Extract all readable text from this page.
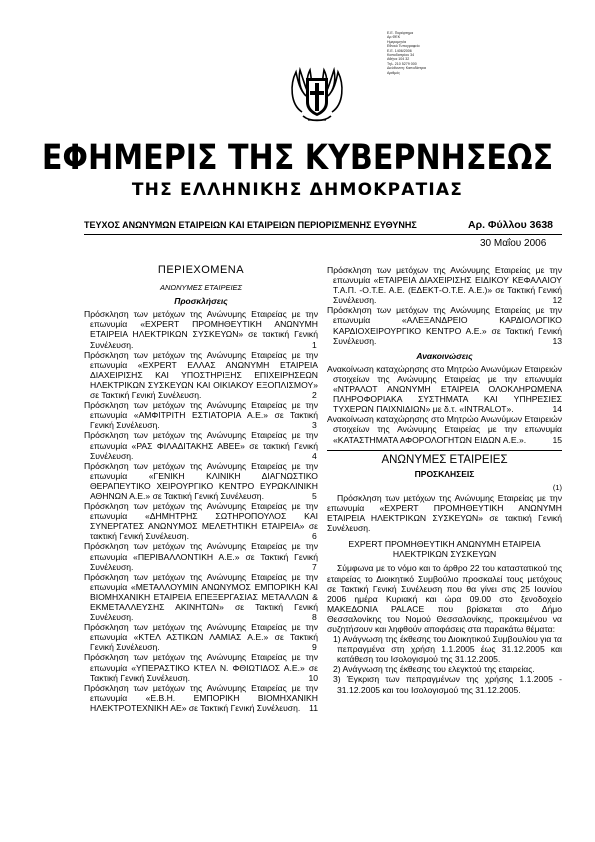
Ε.Ε. Παράρτημα
Αρ.ΦΕΚ
Ημερομηνία
Εθνικό Τυπογραφείο
Ε.Ε. 1406/2006
Καποδιστρίου 34
Αθήνα 104 32
Τηλ. 210 5279 000
Διεύθυνση: Καποδίστρια
Αριθμός
ΕΦΗΜΕΡΙΣ ΤΗΣ ΚΥΒΕΡΝΗΣΕΩΣ
ΤΗΣ ΕΛΛΗΝΙΚΗΣ ΔΗΜΟΚΡΑΤΙΑΣ
ΤΕΥΧΟΣ ΑΝΩΝΥΜΩΝ ΕΤΑΙΡΕΙΩΝ ΚΑΙ ΕΤΑΙΡΕΙΩΝ ΠΕΡΙΟΡΙΣΜΕΝΗΣ ΕΥΘΥΝΗΣ	Αρ. Φύλλου 3638
30 Μαΐου 2006
ΠΕΡΙΕΧΟΜΕΝΑ
ΑΝΩΝΥΜΕΣ ΕΤΑΙΡΕΙΕΣ
Προσκλήσεις

Πρόσκληση των μετόχων της Ανώνυμης Εταιρείας με την επωνυμία «EXPERT ΠΡΟΜΗΘΕΥΤΙΚΗ ΑΝΩΝΥΜΗ ΕΤΑΙΡΕΙΑ ΗΛΕΚΤΡΙΚΩΝ ΣΥΣΚΕΥΩΝ» σε τακτική Γενική Συνέλευση.	1

Πρόσκληση των μετόχων της Ανώνυμης Εταιρείας με την επωνυμία «EXPERT ΕΛΛΑΣ ΑΝΩΝΥΜΗ ΕΤΑΙΡΕΙΑ ΔΙΑΧΕΙΡΙΣΗΣ ΚΑΙ ΥΠΟΣΤΗΡΙΞΗΣ ΕΠΙΧΕΙΡΗΣΕΩΝ ΗΛΕΚΤΡΙΚΩΝ ΣΥΣΚΕΥΩΝ ΚΑΙ ΟΙΚΙΑΚΟΥ ΕΞΟΠΛΙΣΜΟΥ» σε Τακτική Γενική Συνέλευση.	2

Πρόσκληση των μετόχων της Ανώνυμης Εταιρείας με την επωνυμία «ΑΜΦΙΤΡΙΤΗ ΕΣΤΙΑΤΟΡΙΑ Α.Ε.» σε Τακτική Γενική Συνέλευση.	3

Πρόσκληση των μετόχων της Ανώνυμης Εταιρείας με την επωνυμία «ΡΑΣ ΦΙΛΑΔΙΤΑΚΗΣ ΑΒΕΕ» σε τακτική Γενική Συνέλευση.	4

Πρόσκληση των μετόχων της Ανώνυμης Εταιρείας με την επωνυμία «ΓΕΝΙΚΗ ΚΛΙΝΙΚΗ ΔΙΑΓΝΩΣΤΙΚΟ ΘΕΡΑΠΕΥΤΙΚΟ ΧΕΙΡΟΥΡΓΙΚΟ ΚΕΝΤΡΟ ΕΥΡΩΚΛΙΝΙΚΗ ΑΘΗΝΩΝ Α.Ε.» σε Τακτική Γενική Συνέλευση.	5

Πρόσκληση των μετόχων της Ανώνυμης Εταιρείας με την επωνυμία «ΔΗΜΗΤΡΗΣ ΣΩΤΗΡΟΠΟΥΛΟΣ ΚΑΙ ΣΥΝΕΡΓΑΤΕΣ ΑΝΩΝΥΜΟΣ ΜΕΛΕΤΗΤΙΚΗ ΕΤΑΙΡΕΙΑ» σε τακτική Γενική Συνέλευση.	6

Πρόσκληση των μετόχων της Ανώνυμης Εταιρείας με την επωνυμία «ΠΕΡΙΒΑΛΛΟΝΤΙΚΗ Α.Ε.» σε Τακτική Γενική Συνέλευση.	7

Πρόσκληση των μετόχων της Ανώνυμης Εταιρείας με την επωνυμία «ΜΕΤΑΛΛΟΥΜΙΝ ΑΝΩΝΥΜΟΣ ΕΜΠΟΡΙΚΗ ΚΑΙ ΒΙΟΜΗΧΑΝΙΚΗ ΕΤΑΙΡΕΙΑ ΕΠΕΞΕΡΓΑΣΙΑΣ ΜΕΤΑΛΛΩΝ & ΕΚΜΕΤΑΛΛΕΥΣΗΣ ΑΚΙΝΗΤΩΝ» σε Τακτική Γενική Συνέλευση.	8

Πρόσκληση των μετόχων της Ανώνυμης Εταιρείας με την επωνυμία «ΚΤΕΛ ΑΣΤΙΚΩΝ ΛΑΜΙΑΣ Α.Ε.» σε Τακτική Γενική Συνέλευση.	9

Πρόσκληση των μετόχων της Ανώνυμης Εταιρείας με την επωνυμία «ΥΠΕΡΑΣΤΙΚΟ ΚΤΕΛ Ν. ΦΘΙΩΤΙΔΟΣ Α.Ε.» σε Τακτική Γενική Συνέλευση.	10

Πρόσκληση των μετόχων της Ανώνυμης Εταιρείας με την επωνυμία «Ε.Β.Η. ΕΜΠΟΡΙΚΗ ΒΙΟΜΗΧΑΝΙΚΗ ΗΛΕΚΤΡΟΤΕΧΝΙΚΗ ΑΕ» σε Τακτική Γενική Συνέλευση. 11

Πρόσκληση των μετόχων της Ανώνυμης Εταιρείας με την επωνυμία «ΕΤΑΙΡΕΙΑ ΔΙΑΧΕΙΡΙΣΗΣ ΕΙΔΙΚΟΥ ΚΕΦΑΛΑΙΟΥ Τ.Α.Π. -Ο.Τ.Ε. Α.Ε. (ΕΔΕΚΤ-Ο.Τ.Ε. Α.Ε.)» σε Τακτική Γενική Συνέλευση.	12

Πρόσκληση των μετόχων της Ανώνυμης Εταιρείας με την επωνυμία «ΑΛΕΞΑΝΔΡΕΙΟ ΚΑΡΔΙΟΛΟΓΙΚΟ ΚΑΡΔΙΟΧΕΙΡΟΥΡΓΙΚΟ ΚΕΝΤΡΟ Α.Ε.» σε Τακτική Γενική Συνέλευση.	13

Ανακοινώσεις

Ανακοίνωση καταχώρησης στο Μητρώο Ανωνύμων Εταιρειών στοιχείων της Ανώνυμης Εταιρείας με την επωνυμία «ΝΤΡΑΛΟΤ ΑΝΩΝΥΜΗ ΕΤΑΙΡΕΙΑ ΟΛΟΚΛΗΡΩΜΕΝΑ ΠΛΗΡΟΦΟΡΙΑΚΑ ΣΥΣΤΗΜΑΤΑ ΚΑΙ ΥΠΗΡΕΣΙΕΣ ΤΥΧΕΡΩΝ ΠΑΙΧΝΙΔΙΩΝ» με δ.τ. «INTRALOT».	14

Ανακοίνωση καταχώρησης στο Μητρώο Ανωνύμων Εταιρειών στοιχείων της Ανώνυμης Εταιρείας με την επωνυμία «ΚΑΤΑΣΤΗΜΑΤΑ ΑΦΟΡΟΛΟΓΗΤΩΝ ΕΙΔΩΝ Α.Ε.».	15

ΑΝΩΝΥΜΕΣ ΕΤΑΙΡΕΙΕΣ
ΠΡΟΣΚΛΗΣΕΙΣ

(1)

Πρόσκληση των μετόχων της Ανώνυμης Εταιρείας με την επωνυμία «EXPERT ΠΡΟΜΗΘΕΥΤΙΚΗ ΑΝΩΝΥΜΗ ΕΤΑΙΡΕΙΑ ΗΛΕΚΤΡΙΚΩΝ ΣΥΣΚΕΥΩΝ» σε τακτική Γενική Συνέλευση.

EXPERT ΠΡΟΜΗΘΕΥΤΙΚΗ ΑΝΩΝΥΜΗ ΕΤΑΙΡΕΙΑ ΗΛΕΚΤΡΙΚΩΝ ΣΥΣΚΕΥΩΝ

Σύμφωνα με το νόμο και το άρθρο 22 του καταστατικού της εταιρείας το Διοικητικό Συμβούλιο προσκαλεί τους μετόχους σε Τακτική Γενική Συνέλευση που θα γίνει στις 25 Ιουνίου 2006 ημέρα Κυριακή και ώρα 09.00 στο ξενοδοχείο ΜΑΚΕΔΟΝΙΑ PALACE που βρίσκεται στο Δήμο Θεσσαλονίκης του Νομού Θεσσαλονίκης, προκειμένου να συζητήσουν και ληφθούν αποφάσεις στα παρακάτω θέματα:

1) Ανάγνωση της έκθεσης του Διοικητικού Συμβουλίου για τα πεπραγμένα στη χρήση 1.1.2005 έως 31.12.2005 και κατάθεση του Ισολογισμού της 31.12.2005.

2) Ανάγνωση της έκθεσης του ελεγκτού της εταιρείας.

3) Έγκριση των πεπραγμένων της χρήσης 1.1.2005 - 31.12.2005 και του Ισολογισμού της 31.12.2005.
